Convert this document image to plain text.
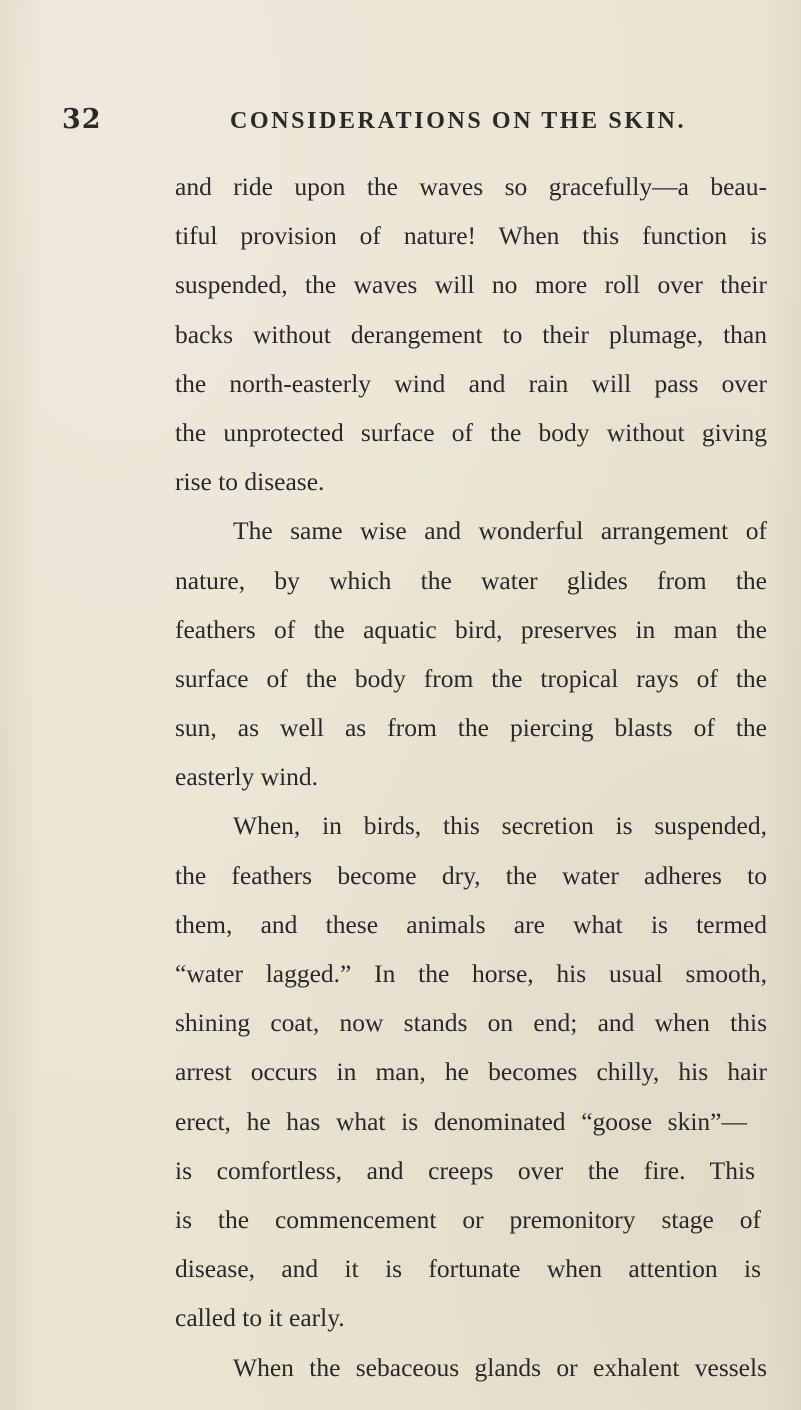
32	CONSIDERATIONS ON THE SKIN.
and ride upon the waves so gracefully—a beau-
tiful provision of nature! When this function is
suspended, the waves will no more roll over their
backs without derangement to their plumage, than
the north-easterly wind and rain will pass over
the unprotected surface of the body without giving
rise to disease.
The same wise and wonderful arrangement of
nature, by which the water glides from the
feathers of the aquatic bird, preserves in man the
surface of the body from the tropical rays of the
sun, as well as from the piercing blasts of the
easterly wind.
When, in birds, this secretion is suspended,
the feathers become dry, the water adheres to
them, and these animals are what is termed
“water lagged.” In the horse, his usual smooth,
shining coat, now stands on end; and when this
arrest occurs in man, he becomes chilly, his hair
erect, he has what is denominated “goose skin”—
is comfortless, and creeps over the fire. This
is the commencement or premonitory stage of
disease, and it is fortunate when attention is
called to it early.
When the sebaceous glands or exhalent vessels
